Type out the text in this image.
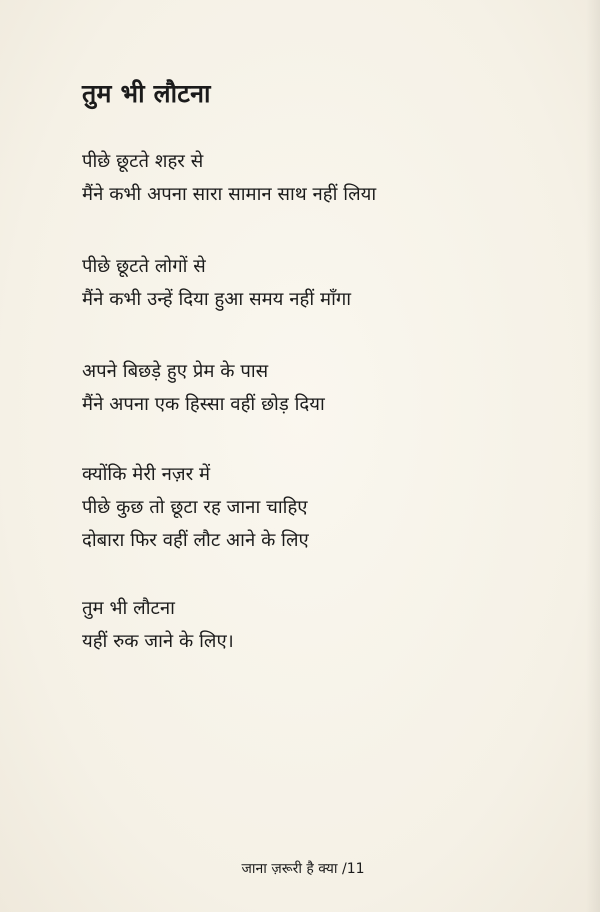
तुम भी लौटना
पीछे छूटते शहर से
मैंने कभी अपना सारा सामान साथ नहीं लिया
पीछे छूटते लोगों से
मैंने कभी उन्हें दिया हुआ समय नहीं माँगा
अपने बिछड़े हुए प्रेम के पास
मैंने अपना एक हिस्सा वहीं छोड़ दिया
क्योंकि मेरी नज़र में
पीछे कुछ तो छूटा रह जाना चाहिए
दोबारा फिर वहीं लौट आने के लिए
तुम भी लौटना
यहीं रुक जाने के लिए।
जाना ज़रूरी है क्या /11
